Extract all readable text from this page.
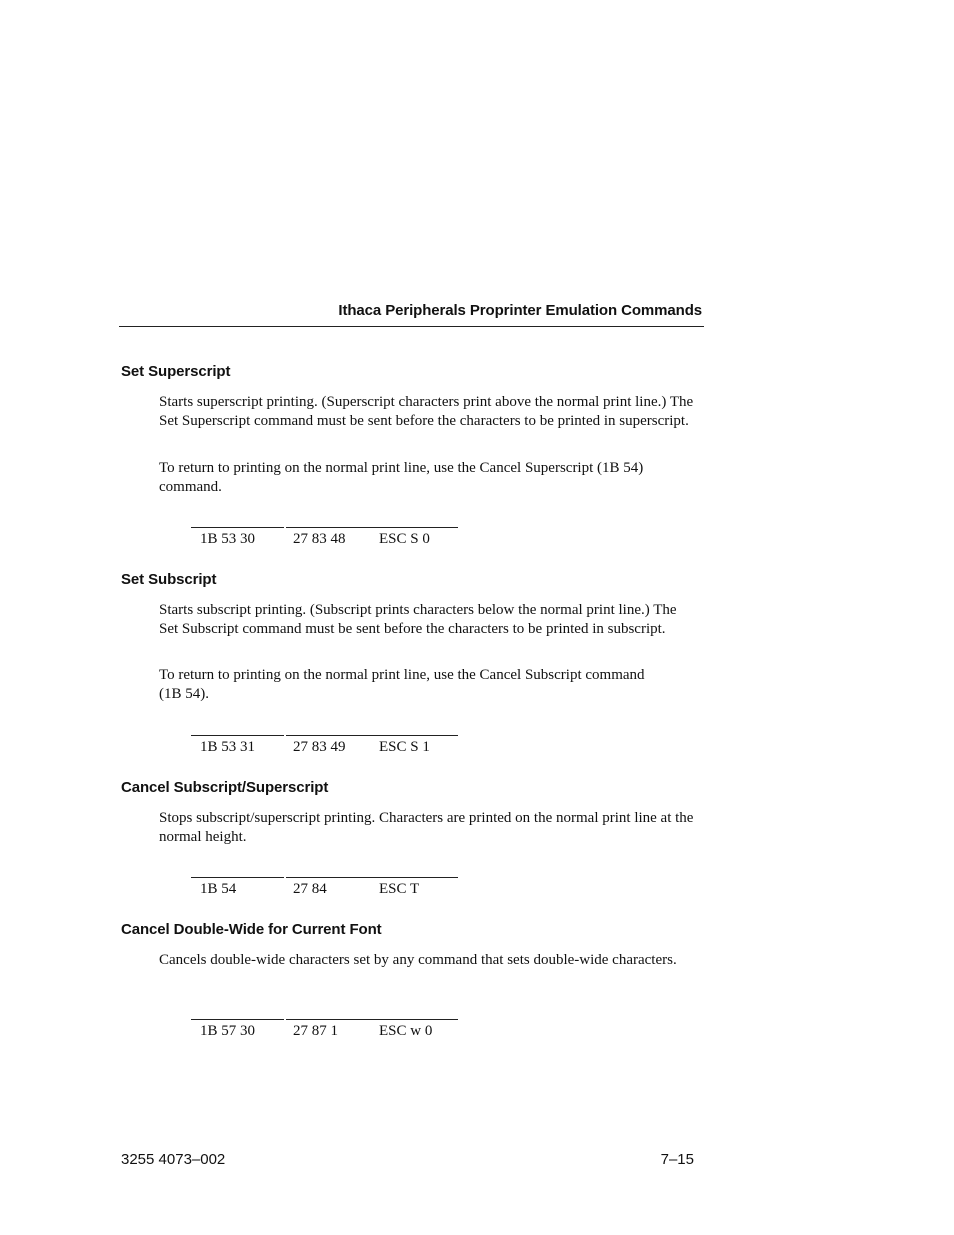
Ithaca Peripherals Proprinter Emulation Commands
Set Superscript
Starts superscript printing. (Superscript characters print above the normal print line.) The Set Superscript command must be sent before the characters to be printed in superscript.
To return to printing on the normal print line, use the Cancel Superscript (1B 54) command.
1B 53 30	27 83 48 ESC S 0
Set Subscript
Starts subscript printing. (Subscript prints characters below the normal print line.) The Set Subscript command must be sent before the characters to be printed in subscript.
To return to printing on the normal print line, use the Cancel Subscript command (1B 54).
1B 53 31	27 83 49 ESC S 1
Cancel Subscript/Superscript
Stops subscript/superscript printing. Characters are printed on the normal print line at the normal height.
1B 54	27 84	ESC T
Cancel Double-Wide for Current Font
Cancels double-wide characters set by any command that sets double-wide characters.
1B 57 30	27 87 1	ESC w 0
3255 4073–002	7–15
